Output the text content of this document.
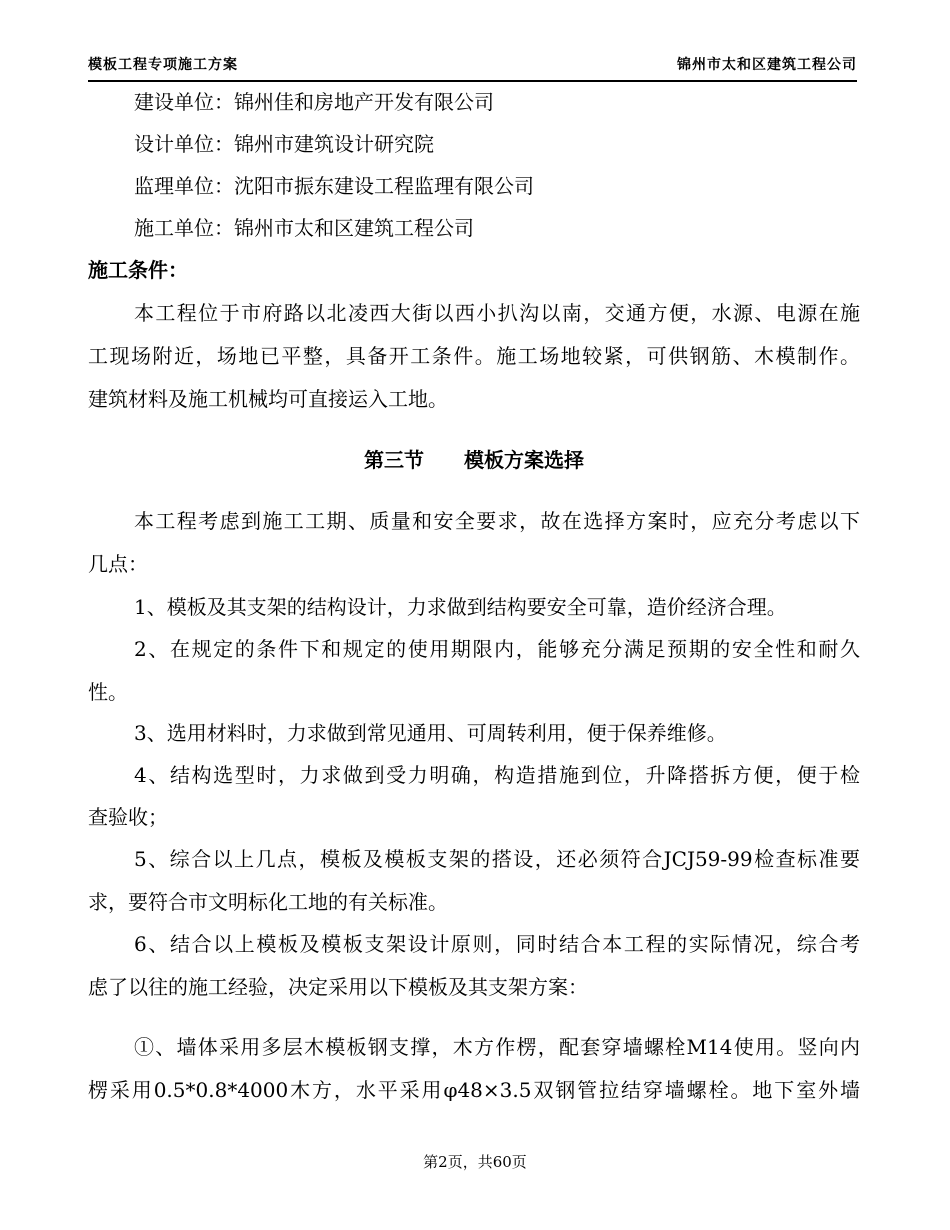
模板工程专项施工方案	锦州市太和区建筑工程公司
建设单位：锦州佳和房地产开发有限公司
设计单位：锦州市建筑设计研究院
监理单位：沈阳市振东建设工程监理有限公司
施工单位：锦州市太和区建筑工程公司
施工条件：
本工程位于市府路以北凌西大街以西小扒沟以南，交通方便，水源、电源在施
工现场附近，场地已平整，具备开工条件。施工场地较紧，可供钢筋、木模制作。
建筑材料及施工机械均可直接运入工地。
第三节　　模板方案选择
本工程考虑到施工工期、质量和安全要求，故在选择方案时，应充分考虑以下
几点：
1、模板及其支架的结构设计，力求做到结构要安全可靠，造价经济合理。
2、在规定的条件下和规定的使用期限内，能够充分满足预期的安全性和耐久
性。
3、选用材料时，力求做到常见通用、可周转利用，便于保养维修。
4、结构选型时，力求做到受力明确，构造措施到位，升降搭拆方便，便于检
查验收；
5、综合以上几点，模板及模板支架的搭设，还必须符合JCJ59-99检查标准要
求，要符合市文明标化工地的有关标准。
6、结合以上模板及模板支架设计原则，同时结合本工程的实际情况，综合考
虑了以往的施工经验，决定采用以下模板及其支架方案：
①、墙体采用多层木模板钢支撑，木方作楞，配套穿墙螺栓M14使用。竖向内
楞采用0.5*0.8*4000木方，水平采用φ48×3.5双钢管拉结穿墙螺栓。地下室外墙
第2页，共60页
